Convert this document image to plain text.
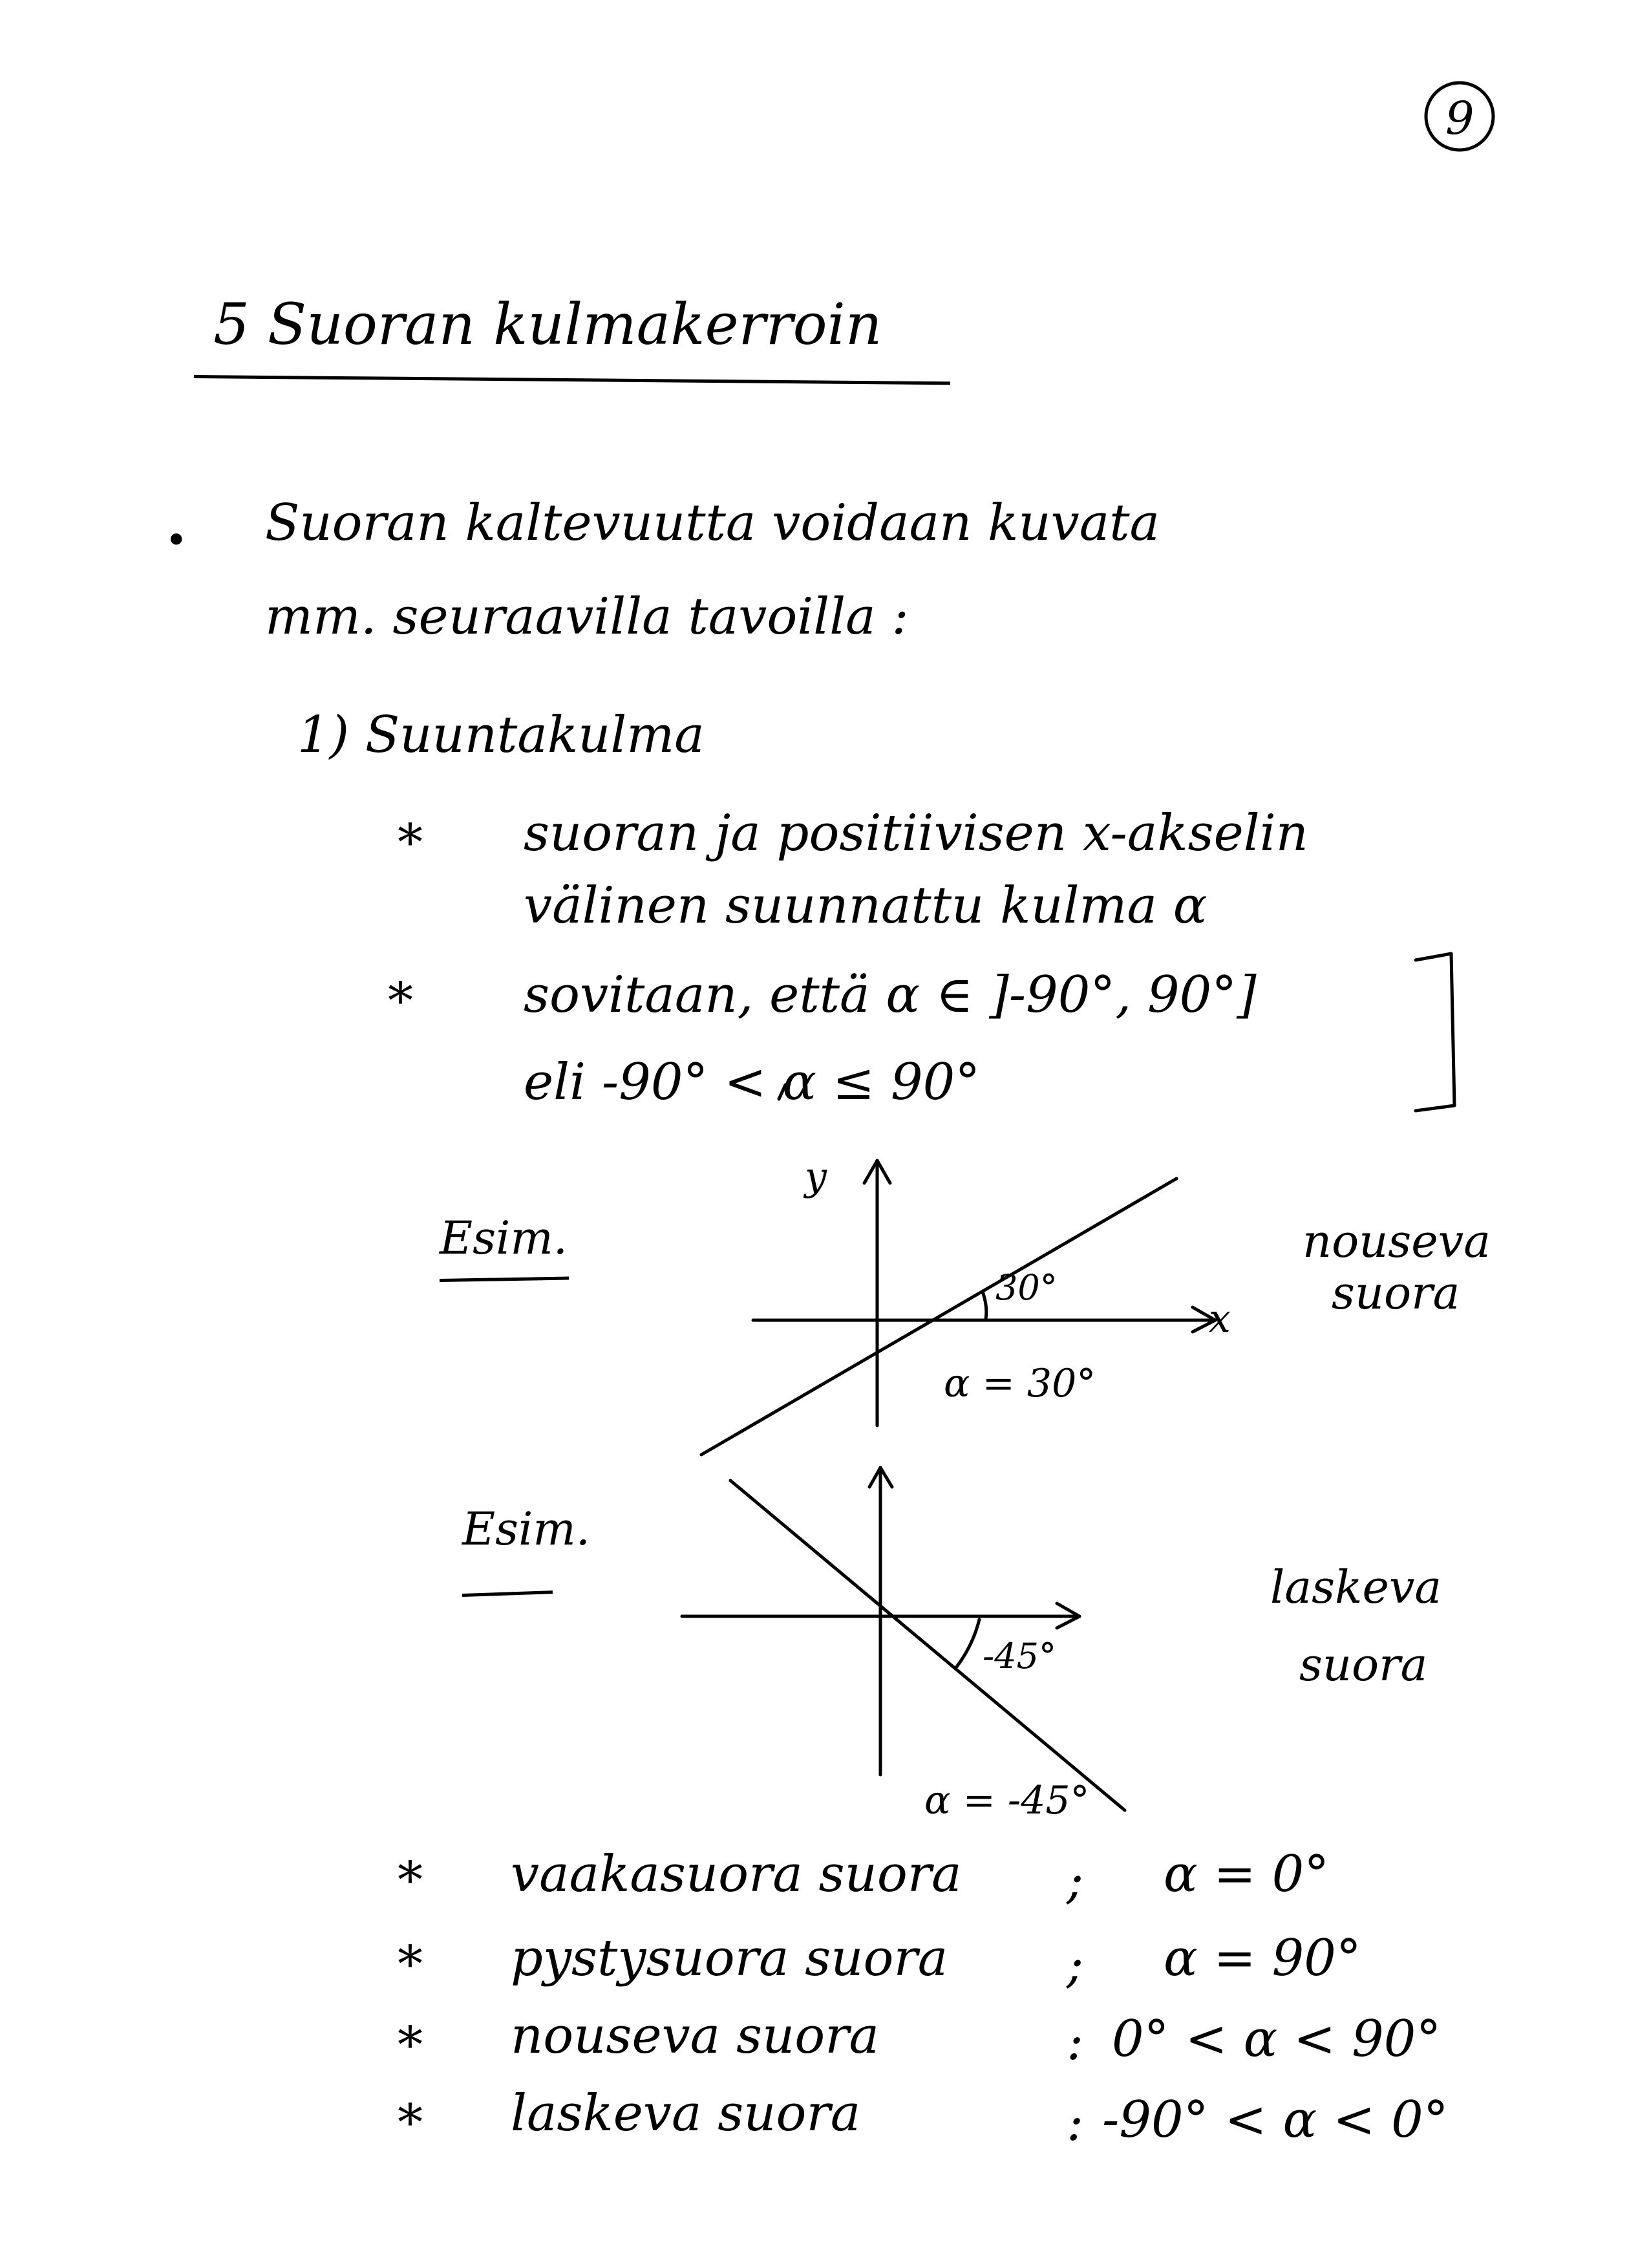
9
5 Suoran kulmakerroin
• Suoran kaltevuutta voidaan kuvata
mm. seuraavilla tavoilla :
1) Suuntakulma
* suoran ja positiivisen x-akselin
välinen suunnattu kulma α
* sovitaan, että α ∈ ]-90°, 90°]
eli -90° < α ≤ 90°
Esim.
y
x
30°
α = 30°
nouseva
suora
Esim.
-45°
α = -45°
laskeva
suora
* vaakasuora suora ; α = 0°
* pystysuora suora ; α = 90°
* nouseva suora	: 0° < α < 90°
* laskeva suora	: -90° < α < 0°
